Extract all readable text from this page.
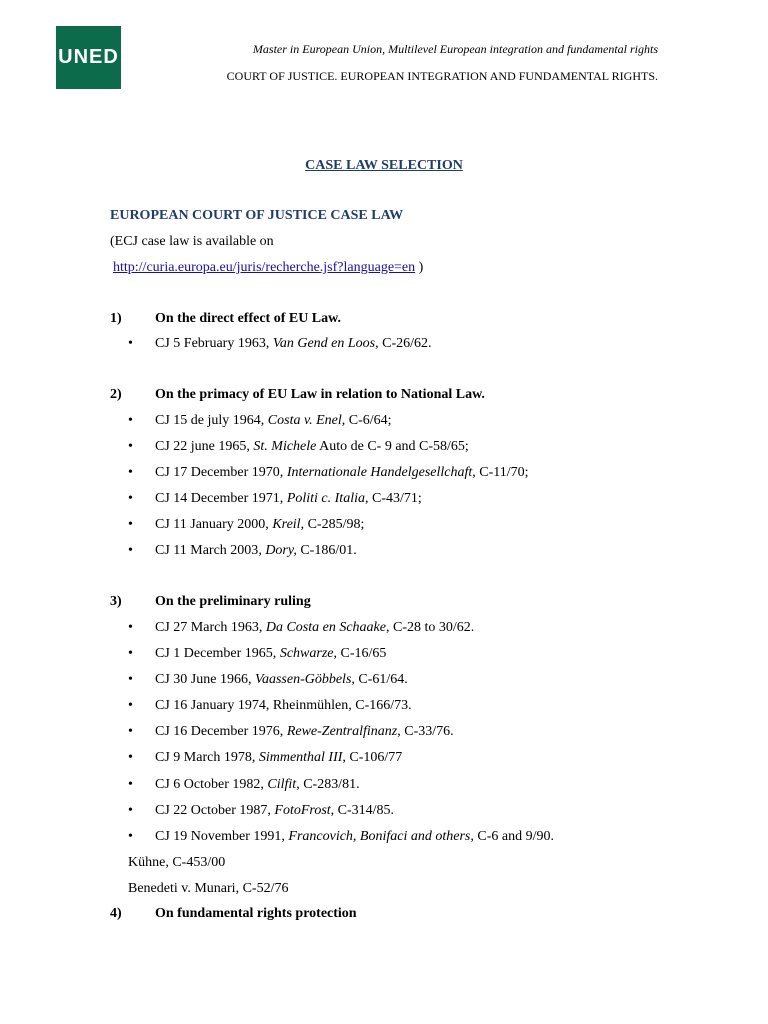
UNED	Master in European Union, Multilevel European integration and fundamental rights
COURT OF JUSTICE. EUROPEAN INTEGRATION AND FUNDAMENTAL RIGHTS.
CASE LAW SELECTION
EUROPEAN COURT OF JUSTICE CASE LAW
(ECJ case law is available on
http://curia.europa.eu/juris/recherche.jsf?language=en )
1) On the direct effect of EU Law.
• CJ 5 February 1963, Van Gend en Loos, C-26/62.
2) On the primacy of EU Law in relation to National Law.
• CJ 15 de july 1964, Costa v. Enel, C-6/64;
• CJ 22 june 1965, St. Michele Auto de C- 9 and C-58/65;
• CJ 17 December 1970, Internationale Handelgesellchaft, C-11/70;
• CJ 14 December 1971, Politi c. Italia, C-43/71;
• CJ 11 January 2000, Kreil, C-285/98;
• CJ 11 March 2003, Dory, C-186/01.
3) On the preliminary ruling
• CJ 27 March 1963, Da Costa en Schaake, C-28 to 30/62.
• CJ 1 December 1965, Schwarze, C-16/65
• CJ 30 June 1966, Vaassen-Göbbels, C-61/64.
• CJ 16 January 1974, Rheinmühlen, C-166/73.
• CJ 16 December 1976, Rewe-Zentralfinanz, C-33/76.
• CJ 9 March 1978, Simmenthal III, C-106/77
• CJ 6 October 1982, Cilfit, C-283/81.
• CJ 22 October 1987, FotoFrost, C-314/85.
• CJ 19 November 1991, Francovich, Bonifaci and others, C-6 and 9/90.
Kühne, C-453/00
Benedeti v. Munari, C-52/76
4) On fundamental rights protection
